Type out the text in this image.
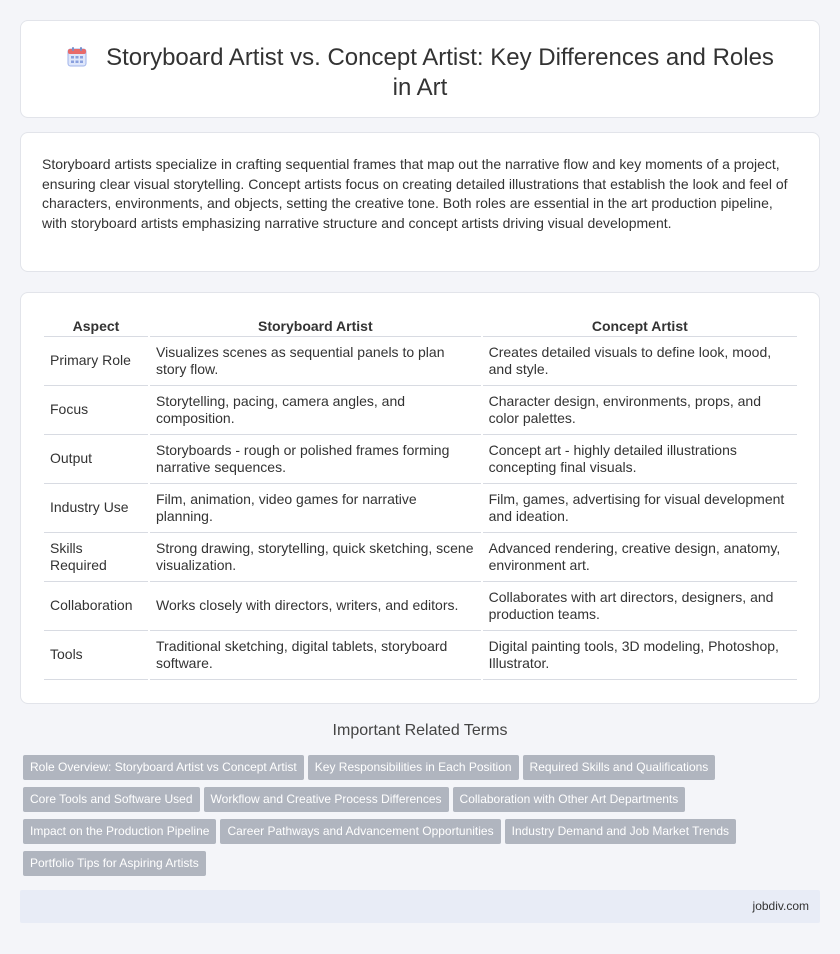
Storyboard Artist vs. Concept Artist: Key Differences and Roles in Art

Storyboard artists specialize in crafting sequential frames that map out the narrative flow and key moments of a project, ensuring clear visual storytelling. Concept artists focus on creating detailed illustrations that establish the look and feel of characters, environments, and objects, setting the creative tone. Both roles are essential in the art production pipeline, with storyboard artists emphasizing narrative structure and concept artists driving visual development.

Aspect	Storyboard Artist	Concept Artist
Primary Role	Visualizes scenes as sequential panels to plan story flow.	Creates detailed visuals to define look, mood, and style.
Focus	Storytelling, pacing, camera angles, and composition.	Character design, environments, props, and color palettes.
Output	Storyboards - rough or polished frames forming narrative sequences.	Concept art - highly detailed illustrations concepting final visuals.
Industry Use	Film, animation, video games for narrative planning.	Film, games, advertising for visual development and ideation.
Skills Required	Strong drawing, storytelling, quick sketching, scene visualization.	Advanced rendering, creative design, anatomy, environment art.
Collaboration	Works closely with directors, writers, and editors.	Collaborates with art directors, designers, and production teams.
Tools	Traditional sketching, digital tablets, storyboard software.	Digital painting tools, 3D modeling, Photoshop, Illustrator.
Important Related Terms
Role Overview: Storyboard Artist vs Concept Artist Key Responsibilities in Each Position Required Skills and QualificationsCore Tools and Software Used Workflow and Creative Process Differences Collaboration with Other Art DepartmentsImpact on the Production Pipeline Career Pathways and Advancement Opportunities Industry Demand and Job Market TrendsPortfolio Tips for Aspiring Artists
jobdiv.com
